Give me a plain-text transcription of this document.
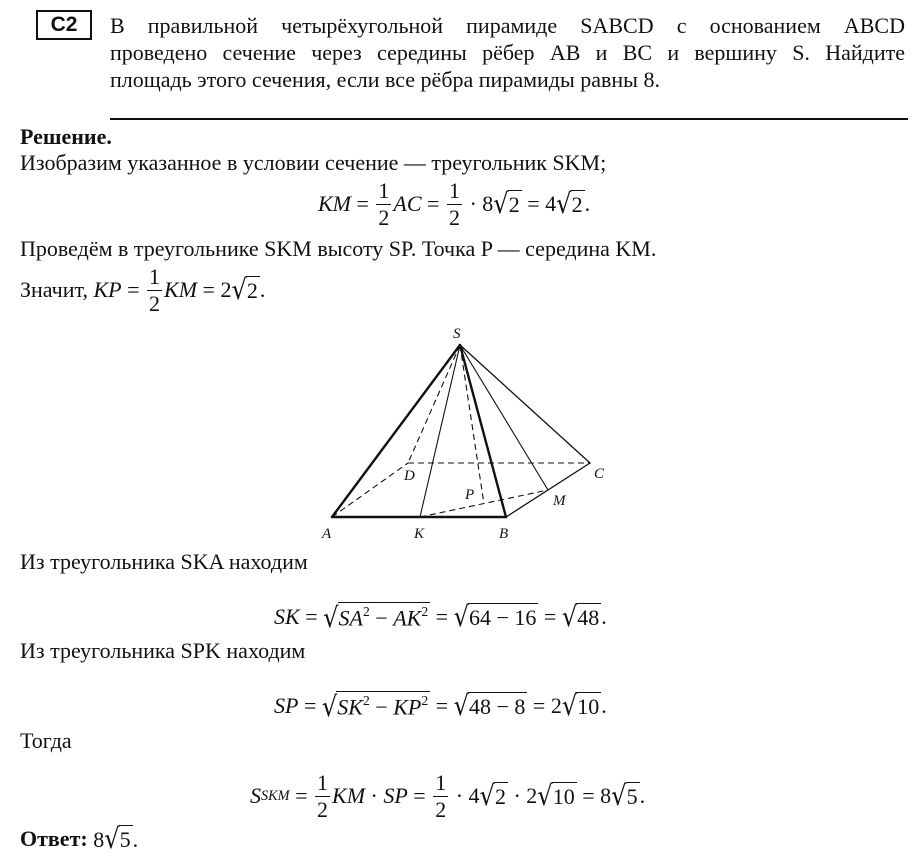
С2	В правильной четырёхугольной пирамиде SABCD с основанием ABCD
проведено сечение через середины рёбер AB и BC и вершину S. Найдите
площадь этого сечения, если все рёбра пирамиды равны 8.
Решение.
Изобразим указанное в условии сечение — треугольник SKM;
KM = $\frac{1}{2}$ AC = $\frac{1}{2} \cdot 8$ √2 = 4 √2 .
Проведём в треугольнике SKM высоту SP. Точка P — середина KM.
Значит, KP = $\frac{1}{2}$ KM = 2 √2 .
S
A	B
C
D
K
M
P
Из треугольника SKA находим
SK = $√SA^2 - AK^2 = √64 - 16 = √48$ .
Из треугольника SPK находим
SP = $√SK^2 - KP^2 = √48 - 8 = 2$ √10 .
Тогда
S SKM = $\frac{1}{2}$ KM · SP = $\frac{1}{2} \cdot 4$ √2 · 2 √10 = 8 √5 .
Ответ:
8√5.
